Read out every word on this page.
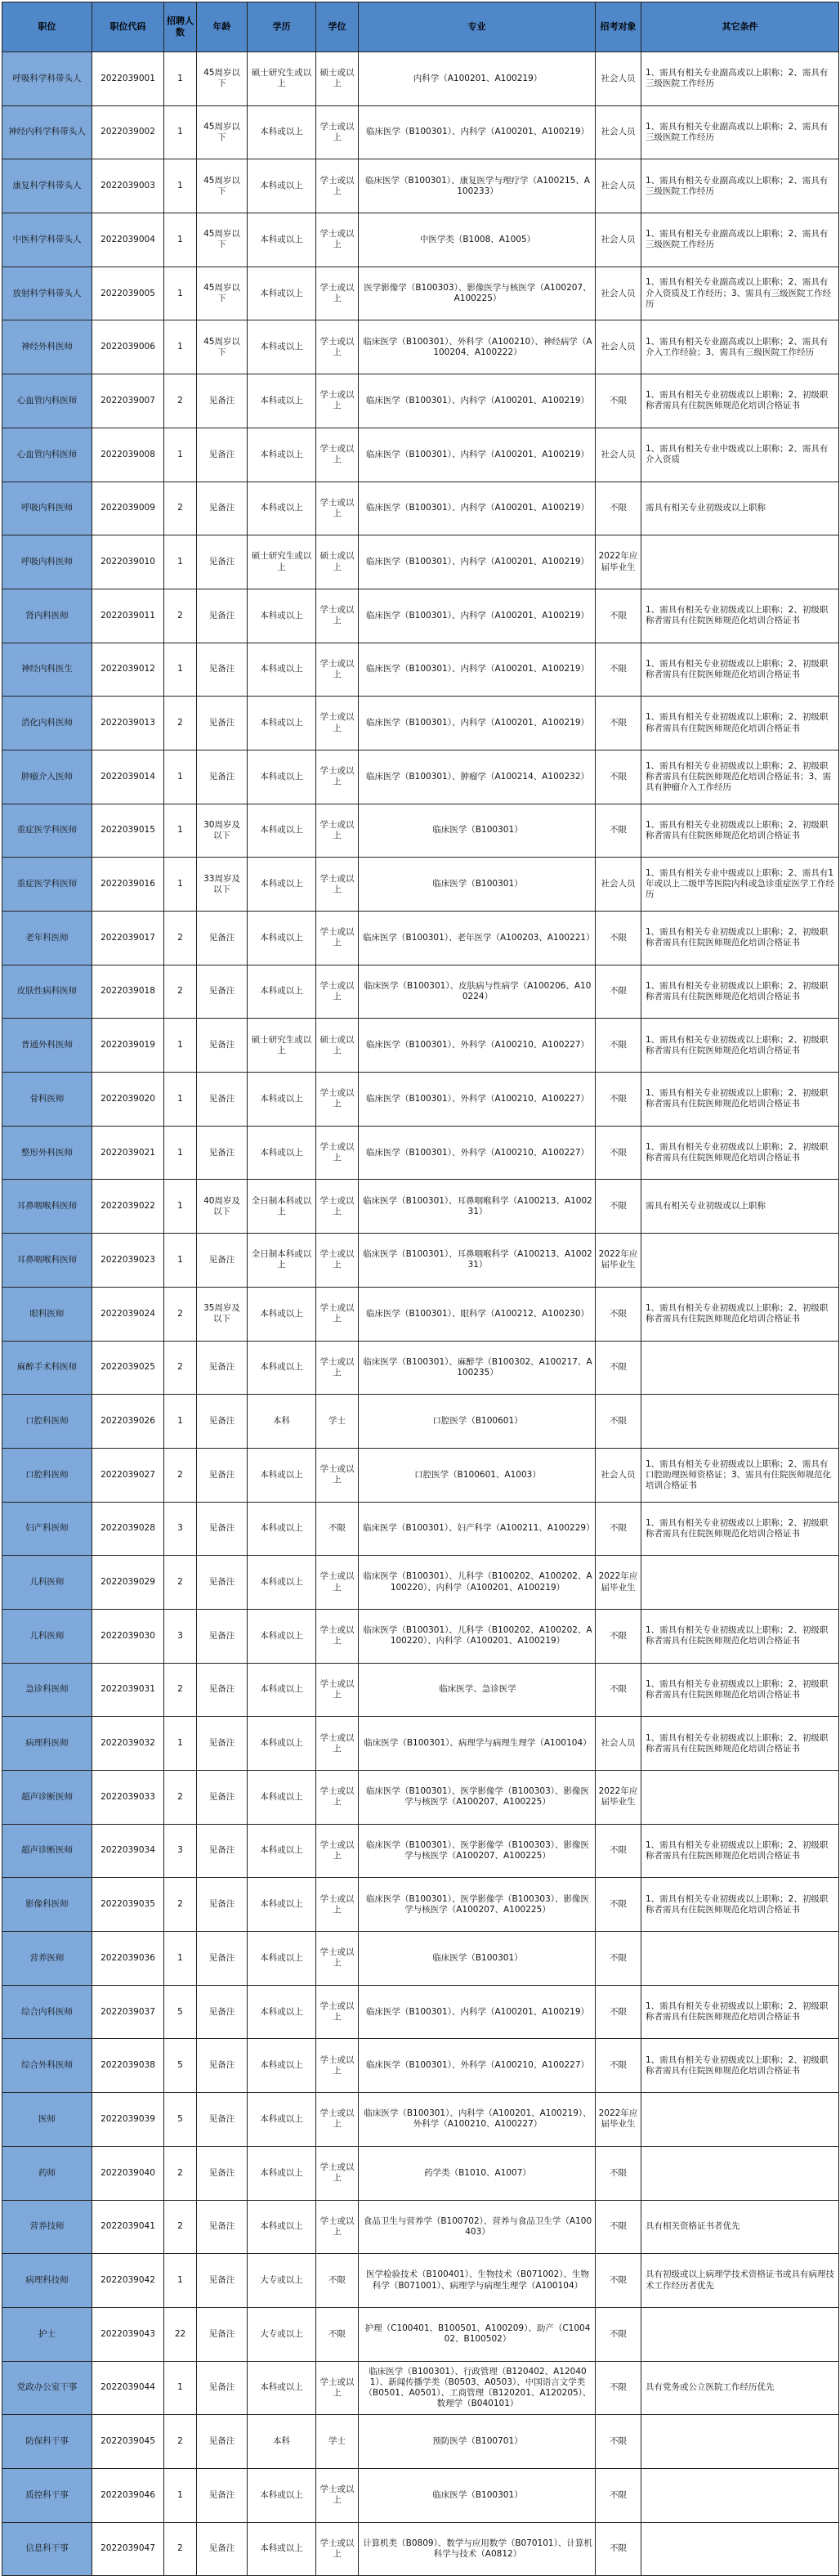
职位	职位代码	招聘人数	年龄	学历	学位	专业	招考对象	其它条件
呼吸科学科带头人	2022039001	1	45周岁以下	硕士研究生或以上	硕士或以上	内科学（A100201、A100219）	社会人员	1、需具有相关专业副高或以上职称；2、需具有三级医院工作经历
神经内科学科带头人	2022039002	1	45周岁以下	本科或以上	学士或以上	临床医学（B100301）、内科学（A100201、A100219）	社会人员	1、需具有相关专业副高或以上职称；2、需具有三级医院工作经历
康复科学科带头人	2022039003	1	45周岁以下	本科或以上	学士或以上	临床医学（B100301）、康复医学与理疗学（A100215、A100233）	社会人员	1、需具有相关专业副高或以上职称；2、需具有三级医院工作经历
中医科学科带头人	2022039004	1	45周岁以下	本科或以上	学士或以上	中医学类（B1008、A1005）	社会人员	1、需具有相关专业副高或以上职称；2、需具有三级医院工作经历
放射科学科带头人	2022039005	1	45周岁以下	本科或以上	学士或以上	医学影像学（B100303）、影像医学与核医学（A100207、A100225）	社会人员	1、需具有相关专业副高或以上职称；2、需具有介入资质及工作经历；3、需具有三级医院工作经历
神经外科医师	2022039006	1	45周岁以下	本科或以上	学士或以上	临床医学（B100301）、外科学（A100210）、神经病学（A100204、A100222）	社会人员	1、需具有相关专业副高或以上职称；2、需具有介入工作经验；3、需具有三级医院工作经历
心血管内科医师	2022039007	2	见备注	本科或以上	学士或以上	临床医学（B100301）、内科学（A100201、A100219）	不限	1、需具有相关专业初级或以上职称；2、初级职称者需具有住院医师规范化培训合格证书
心血管内科医师	2022039008	1	见备注	本科或以上	学士或以上	临床医学（B100301）、内科学（A100201、A100219）	社会人员	1、需具有相关专业中级或以上职称；2、需具有介入资质
呼吸内科医师	2022039009	2	见备注	本科或以上	学士或以上	临床医学（B100301）、内科学（A100201、A100219）	不限	需具有相关专业初级或以上职称
呼吸内科医师	2022039010	1	见备注	硕士研究生或以上	硕士或以上	临床医学（B100301）、内科学（A100201、A100219）	2022年应届毕业生	
肾内科医师	2022039011	2	见备注	本科或以上	学士或以上	临床医学（B100301）、内科学（A100201、A100219）	不限	1、需具有相关专业初级或以上职称；2、初级职称者需具有住院医师规范化培训合格证书
神经内科医生	2022039012	1	见备注	本科或以上	学士或以上	临床医学（B100301）、内科学（A100201、A100219）	不限	1、需具有相关专业初级或以上职称；2、初级职称者需具有住院医师规范化培训合格证书
消化内科医师	2022039013	2	见备注	本科或以上	学士或以上	临床医学（B100301）、内科学（A100201、A100219）	不限	1、需具有相关专业初级或以上职称；2、初级职称者需具有住院医师规范化培训合格证书
肿瘤介入医师	2022039014	1	见备注	本科或以上	学士或以上	临床医学（B100301）、肿瘤学（A100214、A100232）	不限	1、需具有相关专业初级或以上职称；2、初级职称者需具有住院医师规范化培训合格证书；3、需具有肿瘤介入工作经历
重症医学科医师	2022039015	1	30周岁及以下	本科或以上	学士或以上	临床医学（B100301）	不限	1、需具有相关专业初级或以上职称；2、初级职称者需具有住院医师规范化培训合格证书
重症医学科医师	2022039016	1	33周岁及以下	本科或以上	学士或以上	临床医学（B100301）	社会人员	1、需具有相关专业中级或以上职称；2、需具有1年或以上二级甲等医院内科或急诊重症医学工作经历
老年科医师	2022039017	2	见备注	本科或以上	学士或以上	临床医学（B100301）、老年医学（A100203、A100221）	不限	1、需具有相关专业初级或以上职称；2、初级职称者需具有住院医师规范化培训合格证书
皮肤性病科医师	2022039018	2	见备注	本科或以上	学士或以上	临床医学（B100301）、皮肤病与性病学（A100206、A100224）	不限	1、需具有相关专业初级或以上职称；2、初级职称者需具有住院医师规范化培训合格证书
普通外科医师	2022039019	1	见备注	硕士研究生或以上	硕士或以上	临床医学（B100301）、外科学（A100210、A100227）	不限	1、需具有相关专业初级或以上职称；2、初级职称者需具有住院医师规范化培训合格证书
骨科医师	2022039020	1	见备注	本科或以上	学士或以上	临床医学（B100301）、外科学（A100210、A100227）	不限	1、需具有相关专业初级或以上职称；2、初级职称者需具有住院医师规范化培训合格证书
整形外科医师	2022039021	1	见备注	本科或以上	学士或以上	临床医学（B100301）、外科学（A100210、A100227）	不限	1、需具有相关专业初级或以上职称；2、初级职称者需具有住院医师规范化培训合格证书
耳鼻咽喉科医师	2022039022	1	40周岁及以下	全日制本科或以上	学士或以上	临床医学（B100301）、耳鼻咽喉科学（A100213、A100231）	不限	需具有相关专业初级或以上职称
耳鼻咽喉科医师	2022039023	1	见备注	全日制本科或以上	学士或以上	临床医学（B100301）、耳鼻咽喉科学（A100213、A100231）	2022年应届毕业生	
眼科医师	2022039024	2	35周岁及以下	本科或以上	学士或以上	临床医学（B100301）、眼科学（A100212、A100230）	不限	1、需具有相关专业初级或以上职称；2、初级职称者需具有住院医师规范化培训合格证书
麻醉手术科医师	2022039025	2	见备注	本科或以上	学士或以上	临床医学（B100301）、麻醉学（B100302、A100217、A100235）	不限	
口腔科医师	2022039026	1	见备注	本科	学士	口腔医学（B100601）	不限	
口腔科医师	2022039027	2	见备注	本科或以上	学士或以上	口腔医学（B100601、A1003）	社会人员	1、需具有相关专业初级或以上职称；2、需具有口腔助理医师资格证；3、需具有住院医师规范化培训合格证书
妇产科医师	2022039028	3	见备注	本科或以上	不限	临床医学（B100301）、妇产科学（A100211、A100229）	不限	1、需具有相关专业初级或以上职称；2、初级职称者需具有住院医师规范化培训合格证书
儿科医师	2022039029	2	见备注	本科或以上	学士或以上	临床医学（B100301）、儿科学（B100202、A100202、A100220）、内科学（A100201、A100219）	2022年应届毕业生	
儿科医师	2022039030	3	见备注	本科或以上	学士或以上	临床医学（B100301）、儿科学（B100202、A100202、A100220）、内科学（A100201、A100219）	不限	1、需具有相关专业初级或以上职称；2、初级职称者需具有住院医师规范化培训合格证书
急诊科医师	2022039031	2	见备注	本科或以上	学士或以上	临床医学、急诊医学	不限	1、需具有相关专业初级或以上职称；2、初级职称者需具有住院医师规范化培训合格证书
病理科医师	2022039032	1	见备注	本科或以上	学士或以上	临床医学（B100301）、病理学与病理生理学（A100104）	社会人员	1、需具有相关专业初级或以上职称；2、初级职称者需具有住院医师规范化培训合格证书
超声诊断医师	2022039033	2	见备注	本科或以上	学士或以上	临床医学（B100301）、医学影像学（B100303）、影像医学与核医学（A100207、A100225）	2022年应届毕业生	
超声诊断医师	2022039034	3	见备注	本科或以上	学士或以上	临床医学（B100301）、医学影像学（B100303）、影像医学与核医学（A100207、A100225）	不限	1、需具有相关专业初级或以上职称；2、初级职称者需具有住院医师规范化培训合格证书
影像科医师	2022039035	2	见备注	本科或以上	学士或以上	临床医学（B100301）、医学影像学（B100303）、影像医学与核医学（A100207、A100225）	不限	1、需具有相关专业初级或以上职称；2、初级职称者需具有住院医师规范化培训合格证书
营养医师	2022039036	1	见备注	本科或以上	学士或以上	临床医学（B100301）	不限	
综合内科医师	2022039037	5	见备注	本科或以上	学士或以上	临床医学（B100301）、内科学（A100201、A100219）	不限	1、需具有相关专业初级或以上职称；2、初级职称者需具有住院医师规范化培训合格证书
综合外科医师	2022039038	5	见备注	本科或以上	学士或以上	临床医学（B100301）、外科学（A100210、A100227）	不限	1、需具有相关专业初级或以上职称；2、初级职称者需具有住院医师规范化培训合格证书
医师	2022039039	5	见备注	本科或以上	学士或以上	临床医学（B100301）、内科学（A100201、A100219）、外科学（A100210、A100227）	2022年应届毕业生	
药师	2022039040	2	见备注	本科或以上	学士或以上	药学类（B1010、A1007）	不限	
营养技师	2022039041	2	见备注	本科或以上	学士或以上	食品卫生与营养学（B100702）、营养与食品卫生学（A100403）	不限	具有相关资格证书者优先
病理科技师	2022039042	1	见备注	大专或以上	不限	医学检验技术（B100401）、生物技术（B071002）、生物科学（B071001）、病理学与病理生理学（A100104）	不限	具有初级或以上病理学技术资格证书或具有病理技术工作经历者优先
护士	2022039043	22	见备注	大专或以上	不限	护理（C100401、B100501、A100209）、助产（C100402、B100502）	不限	
党政办公室干事	2022039044	1	见备注	本科或以上	学士或以上	临床医学（B100301）、行政管理（B120402、A120401）、新闻传播学类（B0503、A0503）、中国语言文学类（B0501、A0501）、工商管理（B120201、A120205）、数理学（B040101）	不限	具有党务或公立医院工作经历优先
防保科干事	2022039045	2	见备注	本科	学士	预防医学（B100701）	不限	
质控科干事	2022039046	1	见备注	本科或以上	学士或以上	临床医学（B100301）	不限	
信息科干事	2022039047	2	见备注	本科或以上	学士或以上	计算机类（B0809）、数学与应用数学（B070101）、计算机科学与技术（A0812）	不限	
